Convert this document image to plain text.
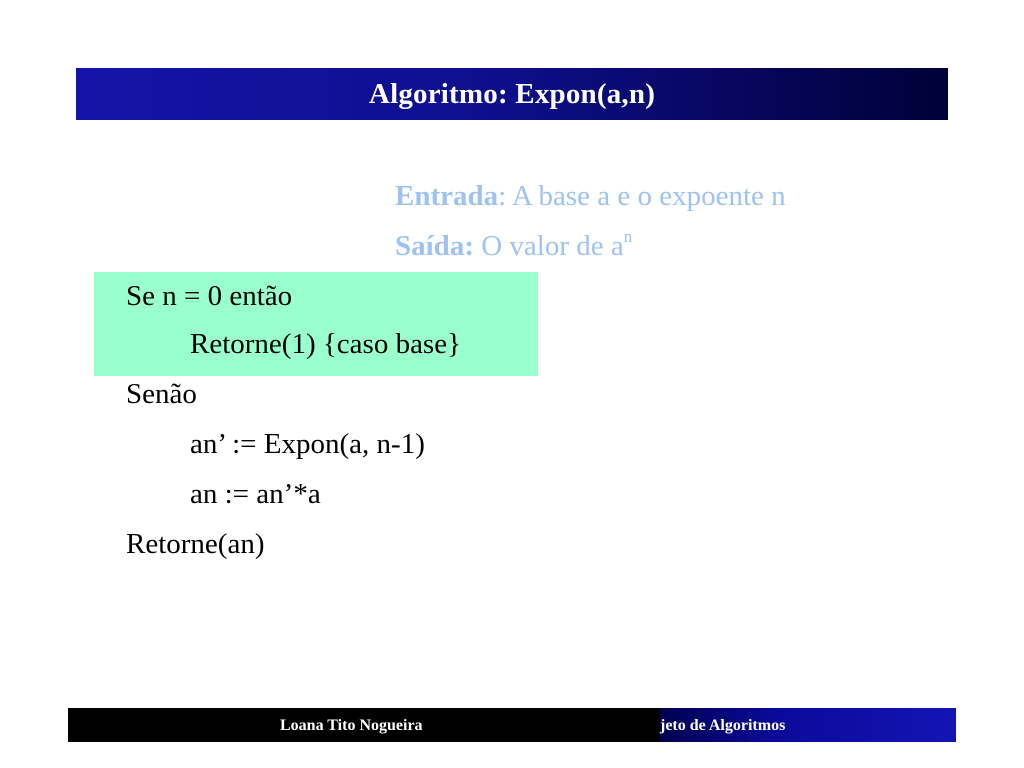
Algoritmo: Expon(a,n)
Entrada: A base a e o expoente n
Saída: O valor de $a^n$
Se n = 0 então
Retorne(1) {caso base}
Senão
an’ := Expon(a, n-1)
an := an’*a
Retorne(an)
Loana Tito Nogueira	jeto de Algoritmos
